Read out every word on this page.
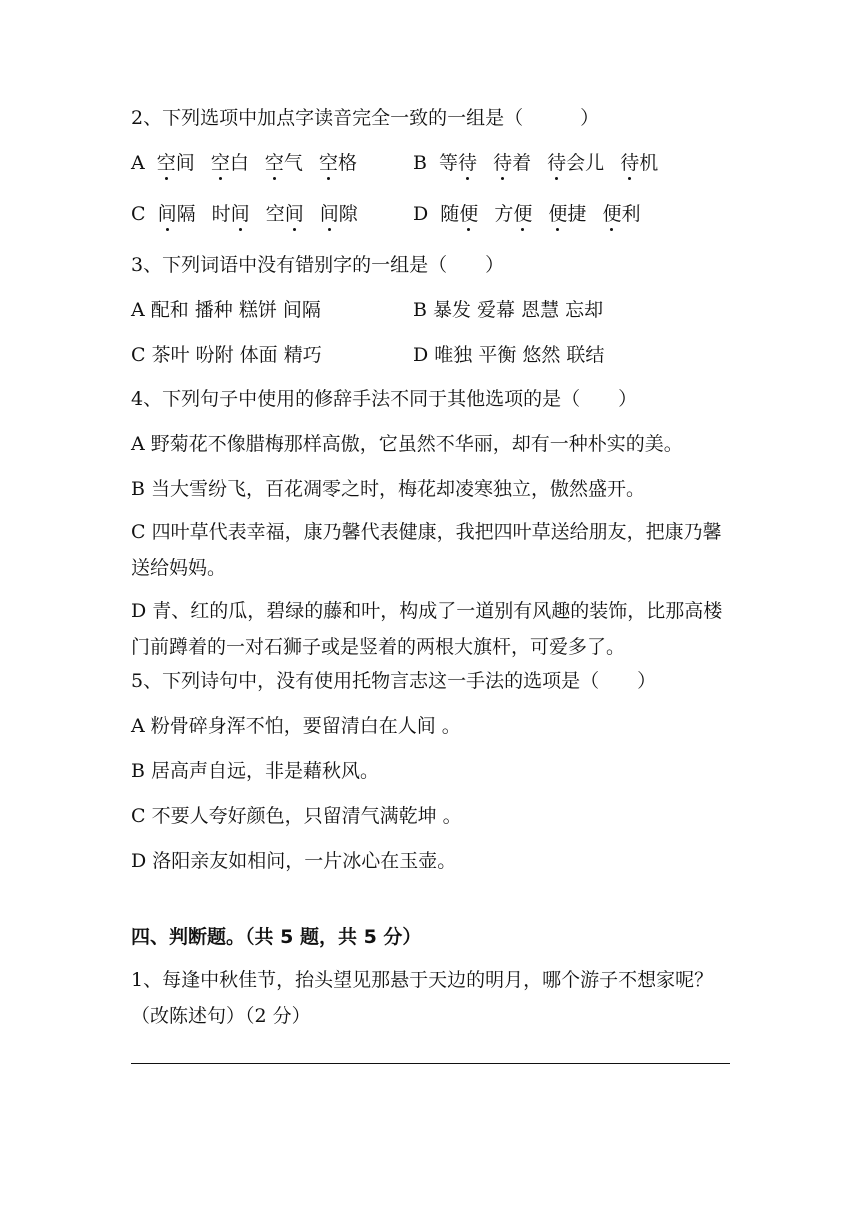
2、下列选项中加点字读音完全一致的一组是（　　　）
A 空间 空白 空气 空格	B 等待 待着 待会儿 待机
C 间隔 时间 空间 间隙	D 随便 方便 便捷 便利
3、下列词语中没有错别字的一组是（　　）
A 配和 播种 糕饼 间隔	B 暴发 爱幕 恩慧 忘却
C 茶叶 吩附 体面 精巧	D 唯独 平衡 悠然 联结
4、下列句子中使用的修辞手法不同于其他选项的是（　　）
A 野菊花不像腊梅那样高傲，它虽然不华丽，却有一种朴实的美。
B 当大雪纷飞，百花凋零之时，梅花却凌寒独立，傲然盛开。
C 四叶草代表幸福，康乃馨代表健康，我把四叶草送给朋友，把康乃馨送给妈妈。
D 青、红的瓜，碧绿的藤和叶，构成了一道别有风趣的装饰，比那高楼门前蹲着的一对石狮子或是竖着的两根大旗杆，可爱多了。
5、下列诗句中，没有使用托物言志这一手法的选项是（　　）
A 粉骨碎身浑不怕，要留清白在人间 。
B 居高声自远，非是藉秋风。
C 不要人夸好颜色，只留清气满乾坤 。
D 洛阳亲友如相问，一片冰心在玉壶。
四、判断题。（共 5 题，共 5 分）
1、每逢中秋佳节，抬头望见那悬于天边的明月，哪个游子不想家呢？（改陈述句）（2 分）
